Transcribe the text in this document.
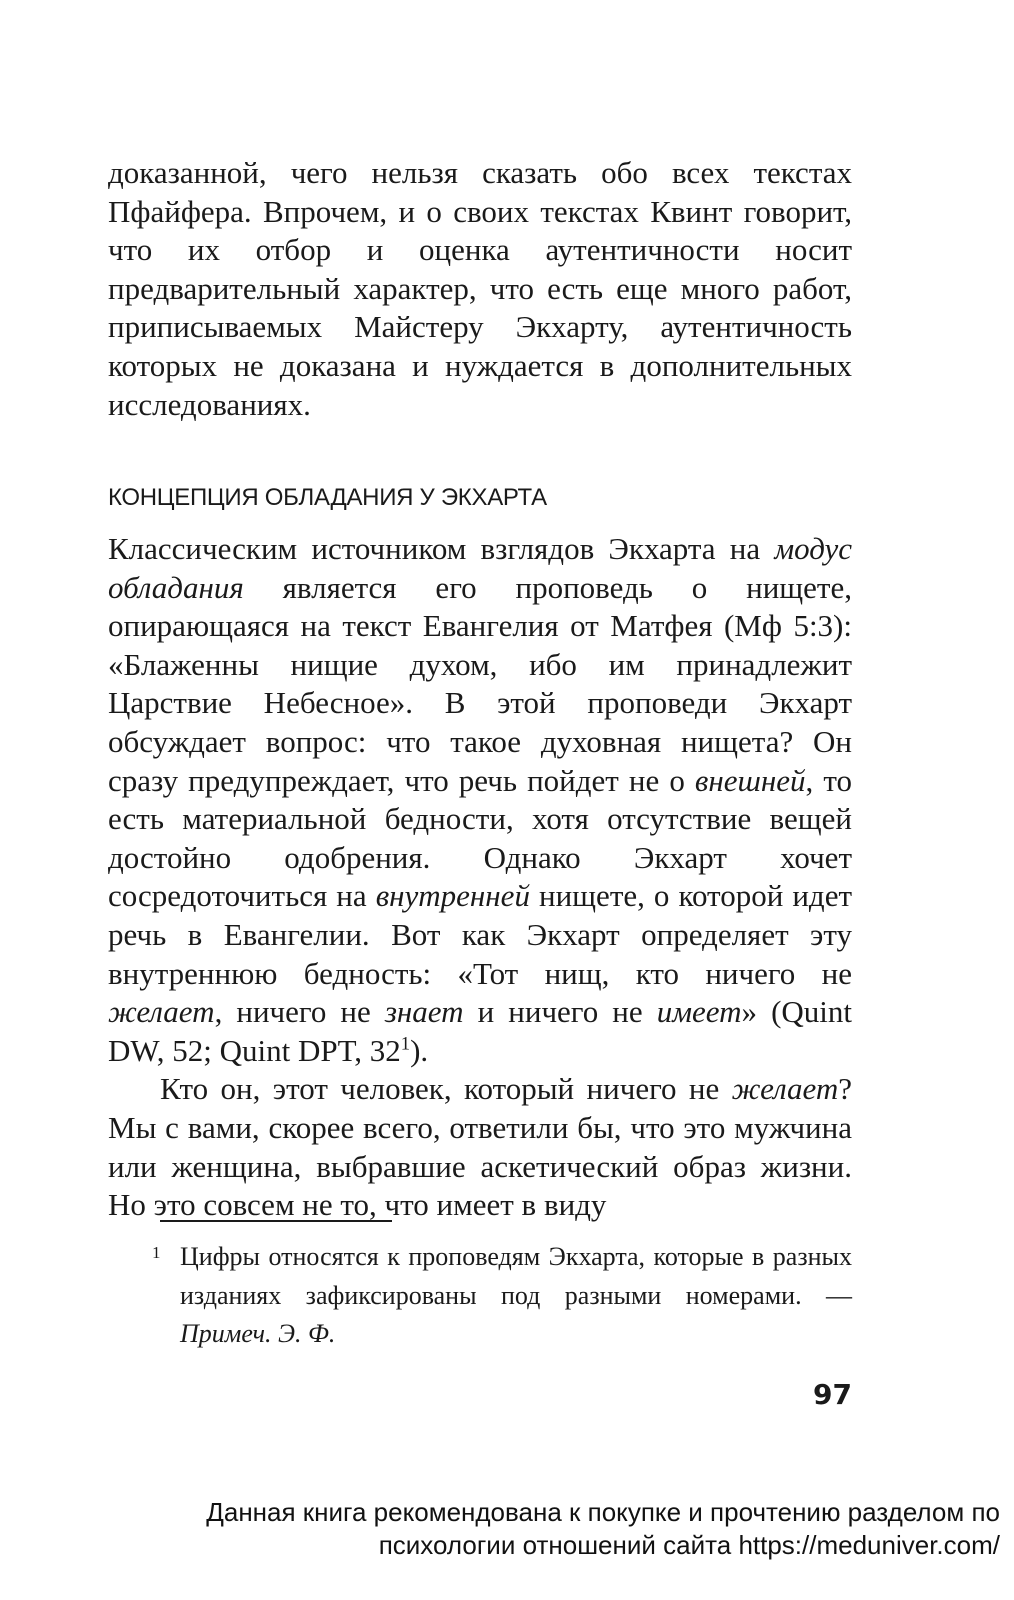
доказанной, чего нельзя сказать обо всех текстах Пфайфера. Впрочем, и о своих текстах Квинт говорит, что их отбор и оценка аутентичности носит предварительный характер, что есть еще много работ, приписываемых Майстеру Экхарту, аутентичность которых не доказана и нуждается в дополнительных исследованиях.

КОНЦЕПЦИЯ ОБЛАДАНИЯ У ЭКХАРТА

Классическим источником взглядов Экхарта на модус обладания является его проповедь о нищете, опирающаяся на текст Евангелия от Матфея (Мф 5:3): «Блаженны нищие духом, ибо им принадлежит Царствие Небесное». В этой проповеди Экхарт обсуждает вопрос: что такое духовная нищета? Он сразу предупреждает, что речь пойдет не о внешней, то есть материальной бедности, хотя отсутствие вещей достойно одобрения. Однако Экхарт хочет сосредоточиться на внутренней нищете, о которой идет речь в Евангелии. Вот как Экхарт определяет эту внутреннюю бедность: «Тот нищ, кто ничего не желает, ничего не знает и ничего не имеет» (Quint DW, 52; Quint DPT, $32^1$).

Кто он, этот человек, который ничего не желает? Мы с вами, скорее всего, ответили бы, что это мужчина или женщина, выбравшие аскетический образ жизни. Но это совсем не то, что имеет в виду

1 Цифры относятся к проповедям Экхарта, которые в разных изданиях зафиксированы под разными номерами. — Примеч. Э. Ф.
97
Данная книга рекомендована к покупке и прочтению разделом по
психологии отношений сайта https://meduniver.com/
